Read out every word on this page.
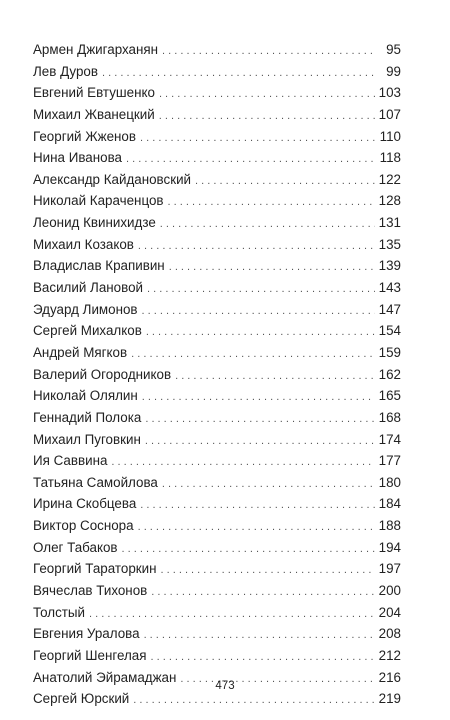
Армен Джигарханян . . .	95
Лев Дуров . . .	99
Евгений Евтушенко . . .	103
Михаил Жванецкий . . .	107
Георгий Жженов . . .	110
Нина Иванова . . .	118
Александр Кайдановский . . .	122
Николай Караченцов . . .	128
Леонид Квинихидзе . . .	131
Михаил Козаков . . .	135
Владислав Крапивин . . .	139
Василий Лановой . . .	143
Эдуард Лимонов . . .	147
Сергей Михалков . . .	154
Андрей Мягков . . .	159
Валерий Огородников . . .	162
Николай Олялин . . .	165
Геннадий Полока . . .	168
Михаил Пуговкин . . .	174
Ия Саввина . . .	177
Татьяна Самойлова . . .	180
Ирина Скобцева . . .	184
Виктор Соснора . . .	188
Олег Табаков . . .	194
Георгий Тараторкин . . .	197
Вячеслав Тихонов . . .	200
Толстый . . .	204
Евгения Уралова . . .	208
Георгий Шенгелая . . .	212
Анатолий Эйрамаджан . . .	216
Сергей Юрский . . .	219
473
